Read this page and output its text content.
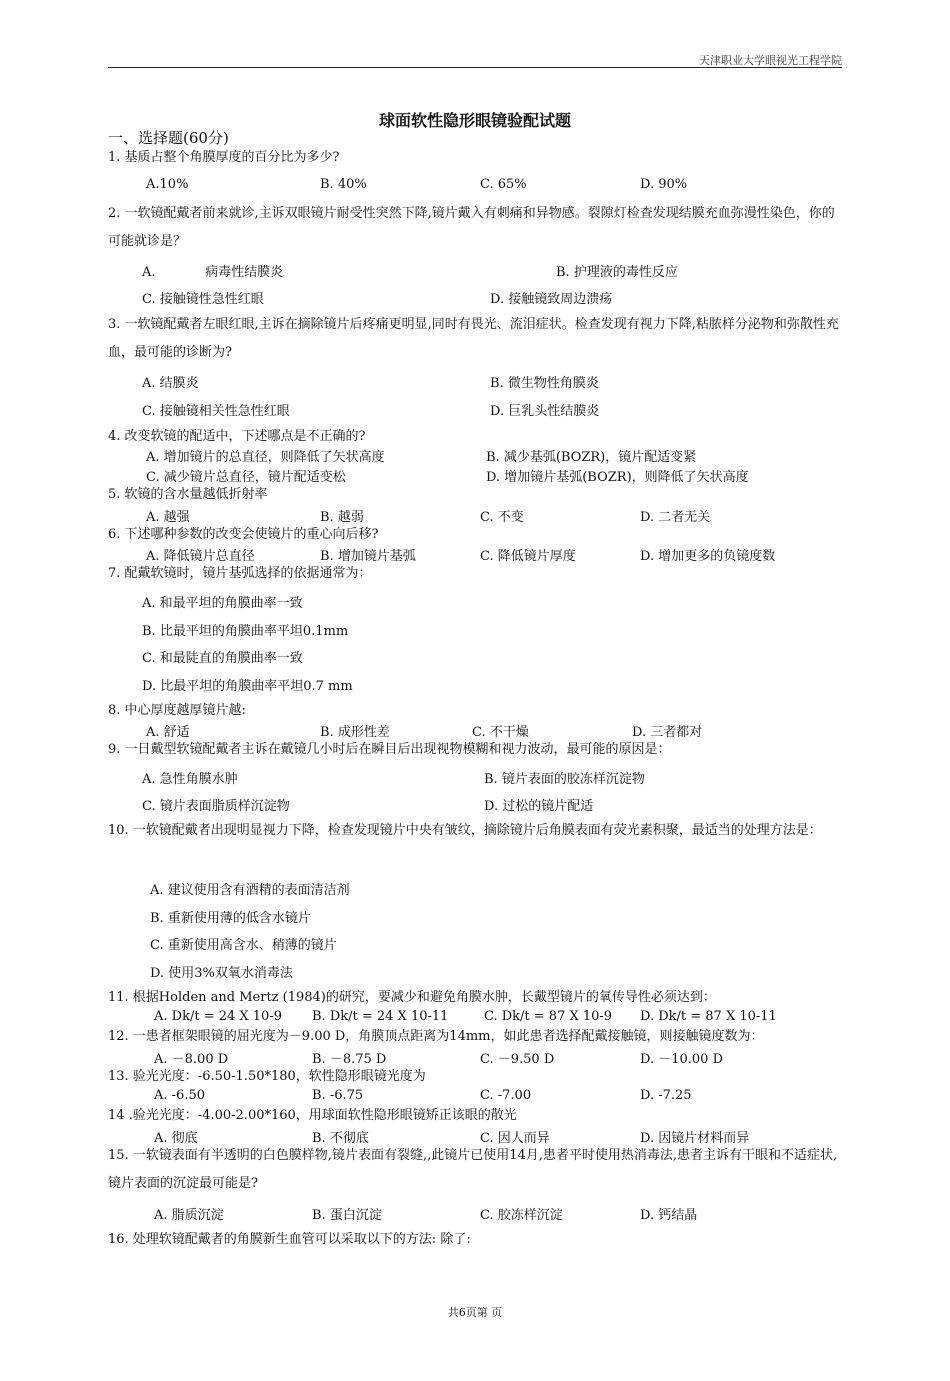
天津职业大学眼视光工程学院
球面软性隐形眼镜验配试题
一、选择题(60分)
1. 基质占整个角膜厚度的百分比为多少?
A.10%	B. 40%	C. 65%	D. 90%
2. 一软镜配戴者前来就诊,主诉双眼镜片耐受性突然下降,镜片戴入有刺痛和异物感。裂隙灯检查发现结膜充血弥漫性染色，你的可能就诊是？
A.            病毒性结膜炎	B. 护理液的毒性反应
C. 接触镜性急性红眼	D. 接触镜致周边溃疡
3. 一软镜配戴者左眼红眼,主诉在摘除镜片后疼痛更明显,同时有畏光、流泪症状。检查发现有视力下降,粘脓样分泌物和弥散性充血，最可能的诊断为?
A. 结膜炎	B. 微生物性角膜炎
C. 接触镜相关性急性红眼	D. 巨乳头性结膜炎
4. 改变软镜的配适中，下述哪点是不正确的?
A. 增加镜片的总直径，则降低了矢状高度	B. 减少基弧(BOZR)，镜片配适变紧
C. 减少镜片总直径，镜片配适变松	D. 增加镜片基弧(BOZR)，则降低了矢状高度
5. 软镜的含水量越低折射率
A. 越强	B. 越弱	C. 不变	D. 二者无关
6. 下述哪种参数的改变会使镜片的重心向后移?
A. 降低镜片总直径	B. 增加镜片基弧	C. 降低镜片厚度	D. 增加更多的负镜度数
7. 配戴软镜时，镜片基弧选择的依据通常为：
A. 和最平坦的角膜曲率一致
B. 比最平坦的角膜曲率平坦0.1mm
C. 和最陡直的角膜曲率一致
D. 比最平坦的角膜曲率平坦0.7 mm
8. 中心厚度越厚镜片越:
A. 舒适	B. 成形性差	C. 不干燥	D. 三者都对
9. 一日戴型软镜配戴者主诉在戴镜几小时后在瞬目后出现视物模糊和视力波动，最可能的原因是：
A. 急性角膜水肿	B. 镜片表面的胶冻样沉淀物
C. 镜片表面脂质样沉淀物	D. 过松的镜片配适
10. 一软镜配戴者出现明显视力下降，检查发现镜片中央有皱纹，摘除镜片后角膜表面有荧光素积聚，最适当的处理方法是：
A. 建议使用含有酒精的表面清洁剂
B. 重新使用薄的低含水镜片
C. 重新使用高含水、稍薄的镜片
D. 使用3%双氧水消毒法
11. 根据Holden and Mertz (1984)的研究，要减少和避免角膜水肿，长戴型镜片的氧传导性必须达到：
A. Dk/t = 24 X 10-9 B. Dk/t = 24 X 10-11	C. Dk/t = 87 X 10-9 D. Dk/t = 87 X 10-11
12. 一患者框架眼镜的屈光度为－9.00 D，角膜顶点距离为14mm，如此患者选择配戴接触镜，则接触镜度数为：
A. －8.00 D	B. －8.75 D	C. －9.50 D	D. －10.00 D
13. 验光光度：-6.50-1.50*180，软性隐形眼镜光度为
A. -6.50	B. -6.75	C. -7.00	D. -7.25
14 .验光光度：-4.00-2.00*160，用球面软性隐形眼镜矫正该眼的散光
A. 彻底	B. 不彻底	C. 因人而异	D. 因镜片材料而异
15. 一软镜表面有半透明的白色膜样物,镜片表面有裂缝,,此镜片已使用14月,患者平时使用热消毒法,患者主诉有干眼和不适症状,镜片表面的沉淀最可能是?
A. 脂质沉淀	B. 蛋白沉淀	C. 胶冻样沉淀	D. 钙结晶
16. 处理软镜配戴者的角膜新生血管可以采取以下的方法: 除了:
共6页第 页
